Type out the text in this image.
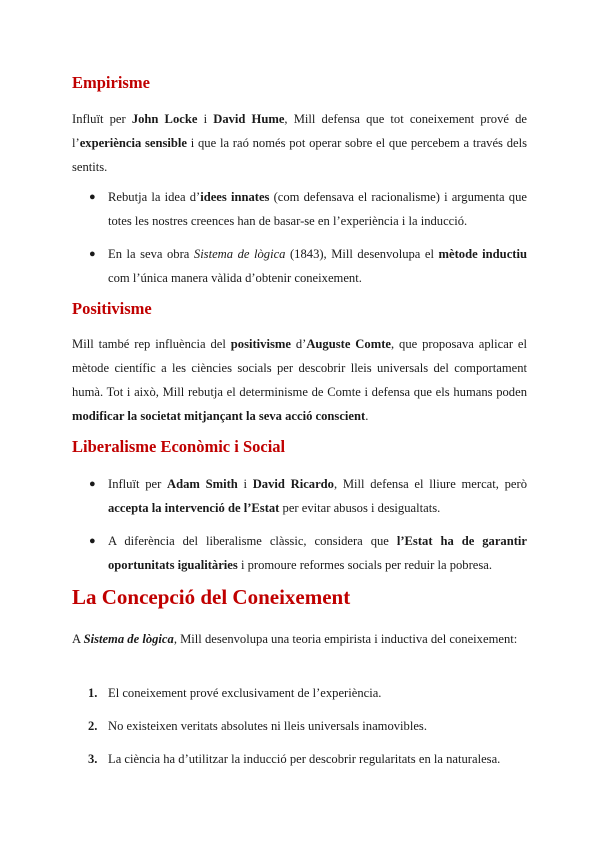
Empirisme

Influït per John Locke i David Hume, Mill defensa que tot coneixement prové de l’experiència sensible i que la raó només pot operar sobre el que percebem a través dels sentits.

● Rebutja la idea d’idees innates (com defensava el racionalisme) i argumenta que totes les nostres creences han de basar-se en l’experiència i la inducció.
● En la seva obra Sistema de lògica (1843), Mill desenvolupa el mètode inductiu com l’única manera vàlida d’obtenir coneixement.
Positivisme

Mill també rep influència del positivisme d’Auguste Comte, que proposava aplicar el mètode científic a les ciències socials per descobrir lleis universals del comportament humà. Tot i això, Mill rebutja el determinisme de Comte i defensa que els humans poden modificar la societat mitjançant la seva acció conscient.

Liberalisme Econòmic i Social
● Influït per Adam Smith i David Ricardo, Mill defensa el lliure mercat, però accepta la intervenció de l’Estat per evitar abusos i desigualtats.
● A diferència del liberalisme clàssic, considera que l’Estat ha de garantir oportunitats igualitàries i promoure reformes socials per reduir la pobresa.
La Concepció del Coneixement

A Sistema de lògica, Mill desenvolupa una teoria empirista i inductiva del coneixement:

1. El coneixement prové exclusivament de l’experiència.
2. No existeixen veritats absolutes ni lleis universals inamovibles.
3. La ciència ha d’utilitzar la inducció per descobrir regularitats en la naturalesa.
